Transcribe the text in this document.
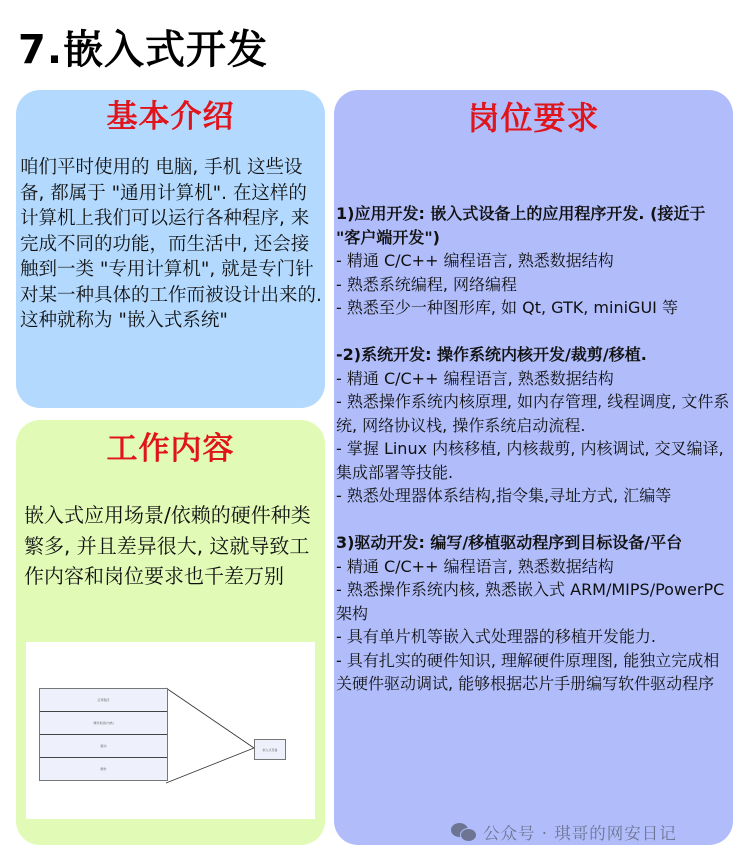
7.嵌入式开发
基本介绍
咱们平时使用的 电脑, 手机 这些设备, 都属于 "通用计算机". 在这样的计算机上我们可以运行各种程序, 来完成不同的功能，而生活中, 还会接触到一类 "专用计算机", 就是专门针对某一种具体的工作而被设计出来的. 这种就称为 "嵌入式系统"
工作内容
嵌入式应用场景/依赖的硬件种类繁多, 并且差异很大, 这就导致工作内容和岗位要求也千差万别
应用程序
操作系统(内核)
驱动
硬件
嵌入式设备
岗位要求
1)应用开发: 嵌入式设备上的应用程序开发. (接近于 "客户端开发")
- 精通 C/C++ 编程语言, 熟悉数据结构
- 熟悉系统编程, 网络编程
- 熟悉至少一种图形库, 如 Qt, GTK, miniGUI 等
-2)系统开发: 操作系统内核开发/裁剪/移植.
- 精通 C/C++ 编程语言, 熟悉数据结构
- 熟悉操作系统内核原理, 如内存管理, 线程调度, 文件系统, 网络协议栈, 操作系统启动流程.
- 掌握 Linux 内核移植, 内核裁剪, 内核调试, 交叉编译, 集成部署等技能.
- 熟悉处理器体系结构,指令集,寻址方式, 汇编等
3)驱动开发: 编写/移植驱动程序到目标设备/平台
- 精通 C/C++ 编程语言, 熟悉数据结构
- 熟悉操作系统内核, 熟悉嵌入式 ARM/MIPS/PowerPC 架构
- 具有单片机等嵌入式处理器的移植开发能力.
- 具有扎实的硬件知识, 理解硬件原理图, 能独立完成相关硬件驱动调试, 能够根据芯片手册编写软件驱动程序
公众号 · 琪哥的网安日记
